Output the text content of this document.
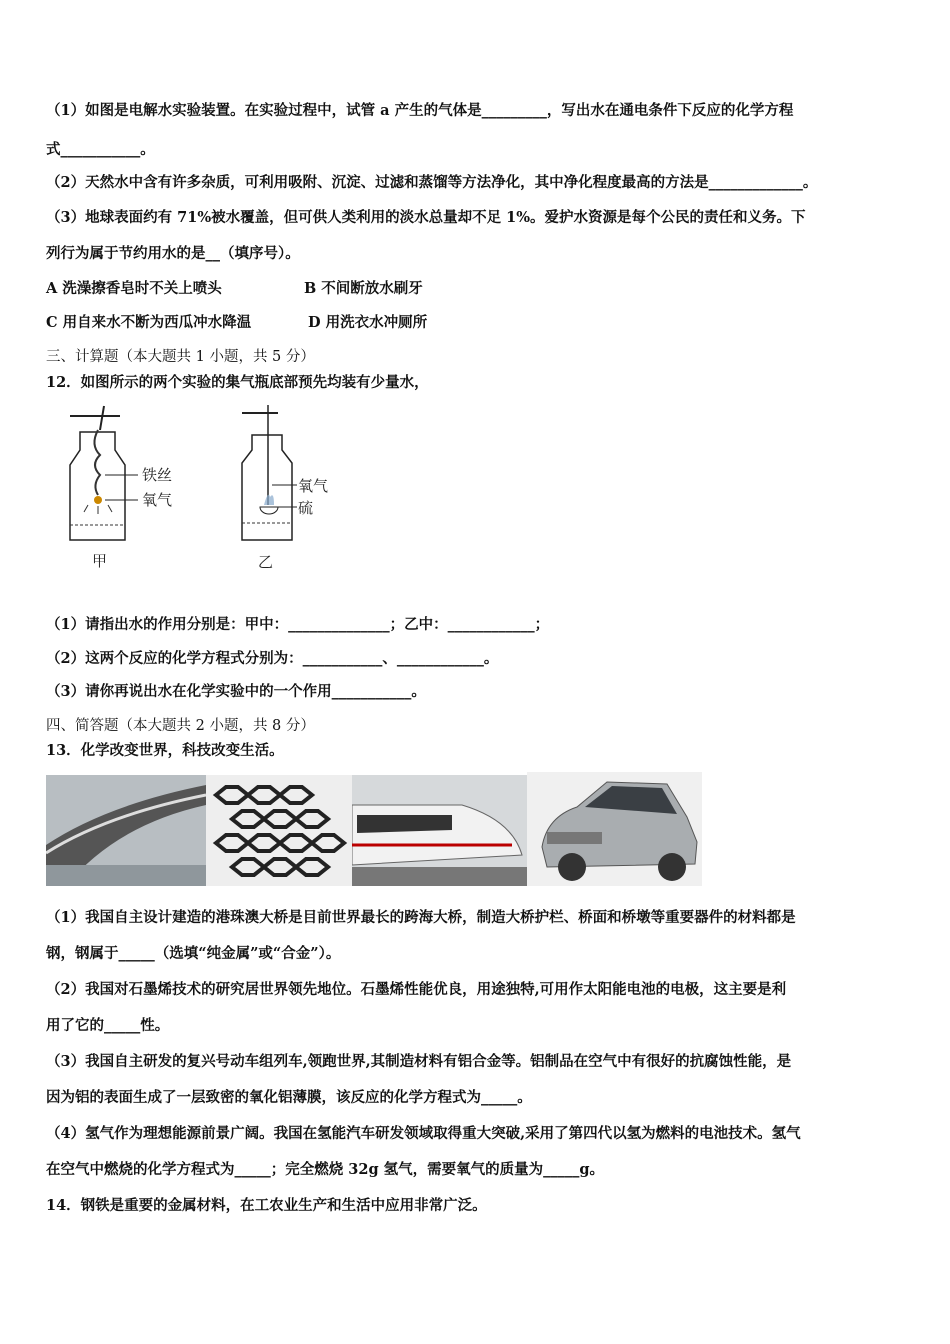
（1）如图是电解水实验装置。在实验过程中，试管 a 产生的气体是_________，写出水在通电条件下反应的化学方程
式___________。
（2）天然水中含有许多杂质，可利用吸附、沉淀、过滤和蒸馏等方法净化，其中净化程度最高的方法是_____________。
（3）地球表面约有 71%被水覆盖，但可供人类利用的淡水总量却不足 1%。爱护水资源是每个公民的责任和义务。下
列行为属于节约用水的是__（填序号）。
A 洗澡擦香皂时不关上喷头	B 不间断放水刷牙
C 用自来水不断为西瓜冲水降温	D 用洗衣水冲厕所
三、计算题（本大题共 1 小题，共 5 分）
12．如图所示的两个实验的集气瓶底部预先均装有少量水，
铁丝
氧气
甲
氧气
硫
乙
（1）请指出水的作用分别是：甲中：______________；乙中：____________；
（2）这两个反应的化学方程式分别为：___________、____________。
（3）请你再说出水在化学实验中的一个作用___________。
四、简答题（本大题共 2 小题，共 8 分）
13．化学改变世界，科技改变生活。
（1）我国自主设计建造的港珠澳大桥是目前世界最长的跨海大桥，制造大桥护栏、桥面和桥墩等重要器件的材料都是
钢，钢属于_____（选填“纯金属”或“合金”）。
（2）我国对石墨烯技术的研究居世界领先地位。石墨烯性能优良，用途独特,可用作太阳能电池的电极，这主要是利
用了它的_____性。
（3）我国自主研发的复兴号动车组列车,领跑世界,其制造材料有铝合金等。铝制品在空气中有很好的抗腐蚀性能，是
因为铝的表面生成了一层致密的氧化铝薄膜，该反应的化学方程式为_____。
（4）氢气作为理想能源前景广阔。我国在氢能汽车研发领域取得重大突破,采用了第四代以氢为燃料的电池技术。氢气
在空气中燃烧的化学方程式为_____；完全燃烧 32g 氢气，需要氧气的质量为_____g。
14．钢铁是重要的金属材料，在工农业生产和生活中应用非常广泛。
